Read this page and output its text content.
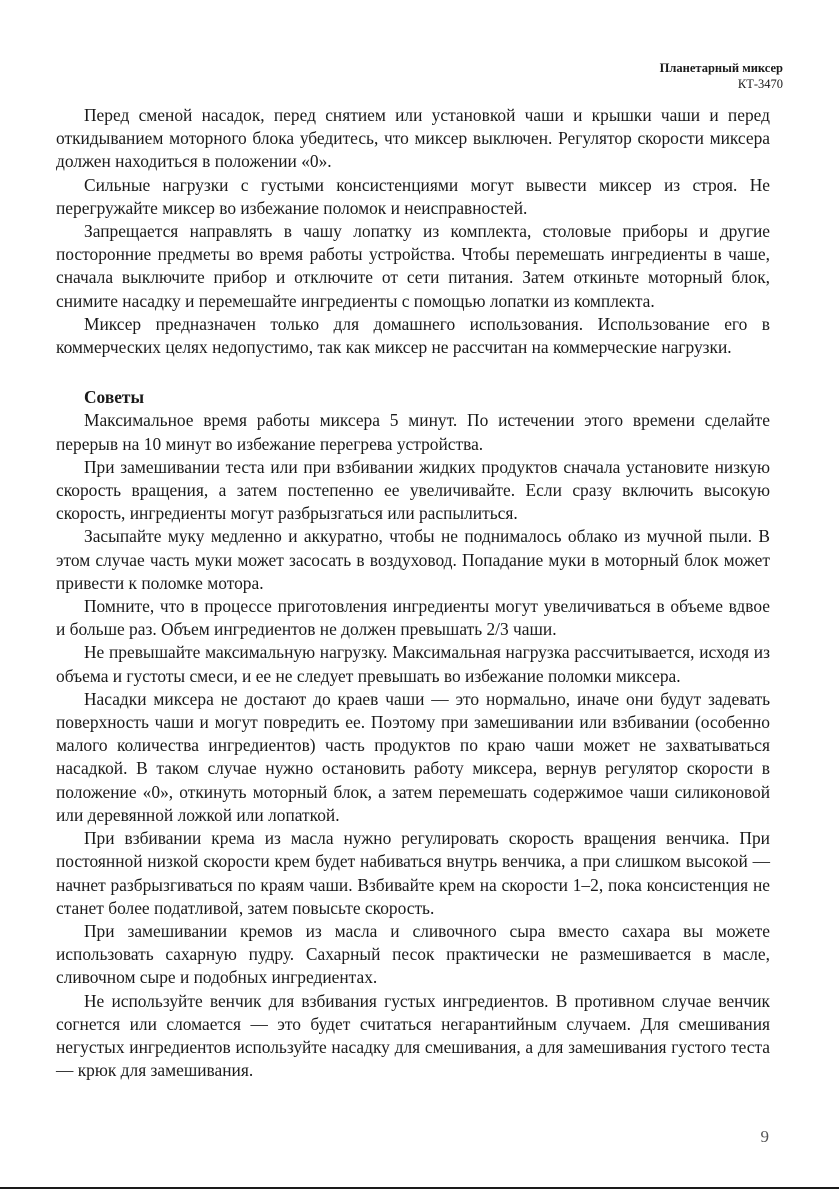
Планетарный миксер
КТ-3470

Перед сменой насадок, перед снятием или установкой чаши и крышки чаши и перед откидыванием моторного блока убедитесь, что миксер выключен. Регулятор скорости миксера должен находиться в положении «0».

Сильные нагрузки с густыми консистенциями могут вывести миксер из строя. Не перегружайте миксер во избежание поломок и неисправностей.

Запрещается направлять в чашу лопатку из комплекта, столовые приборы и другие посторонние предметы во время работы устройства. Чтобы перемешать ингредиенты в чаше, сначала выключите прибор и отключите от сети питания. Затем откиньте моторный блок, снимите насадку и перемешайте ингредиенты с помощью лопатки из комплекта.

Миксер предназначен только для домашнего использования. Использование его в коммерческих целях недопустимо, так как миксер не рассчитан на коммерческие нагрузки.

Советы

Максимальное время работы миксера 5 минут. По истечении этого времени сделайте перерыв на 10 минут во избежание перегрева устройства.

При замешивании теста или при взбивании жидких продуктов сначала установите низкую скорость вращения, а затем постепенно ее увеличивайте. Если сразу включить высокую скорость, ингредиенты могут разбрызгаться или распылиться.

Засыпайте муку медленно и аккуратно, чтобы не поднималось облако из мучной пыли. В этом случае часть муки может засосать в воздуховод. Попадание муки в моторный блок может привести к поломке мотора.

Помните, что в процессе приготовления ингредиенты могут увеличиваться в объеме вдвое и больше раз. Объем ингредиентов не должен превышать 2/3 чаши.

Не превышайте максимальную нагрузку. Максимальная нагрузка рассчитывается, исходя из объема и густоты смеси, и ее не следует превышать во избежание поломки миксера.

Насадки миксера не достают до краев чаши — это нормально, иначе они будут задевать поверхность чаши и могут повредить ее. Поэтому при замешивании или взбивании (особенно малого количества ингредиентов) часть продуктов по краю чаши может не захватываться насадкой. В таком случае нужно остановить работу миксера, вернув регулятор скорости в положение «0», откинуть моторный блок, а затем перемешать содержимое чаши силиконовой или деревянной ложкой или лопаткой.

При взбивании крема из масла нужно регулировать скорость вращения венчика. При постоянной низкой скорости крем будет набиваться внутрь венчика, а при слишком высокой — начнет разбрызгиваться по краям чаши. Взбивайте крем на скорости 1–2, пока консистенция не станет более податливой, затем повысьте скорость.

При замешивании кремов из масла и сливочного сыра вместо сахара вы можете использовать сахарную пудру. Сахарный песок практически не размешивается в масле, сливочном сыре и подобных ингредиентах.

Не используйте венчик для взбивания густых ингредиентов. В противном случае венчик согнется или сломается — это будет считаться негарантийным случаем. Для смешивания негустых ингредиентов используйте насадку для смешивания, а для замешивания густого теста — крюк для замешивания.

9
